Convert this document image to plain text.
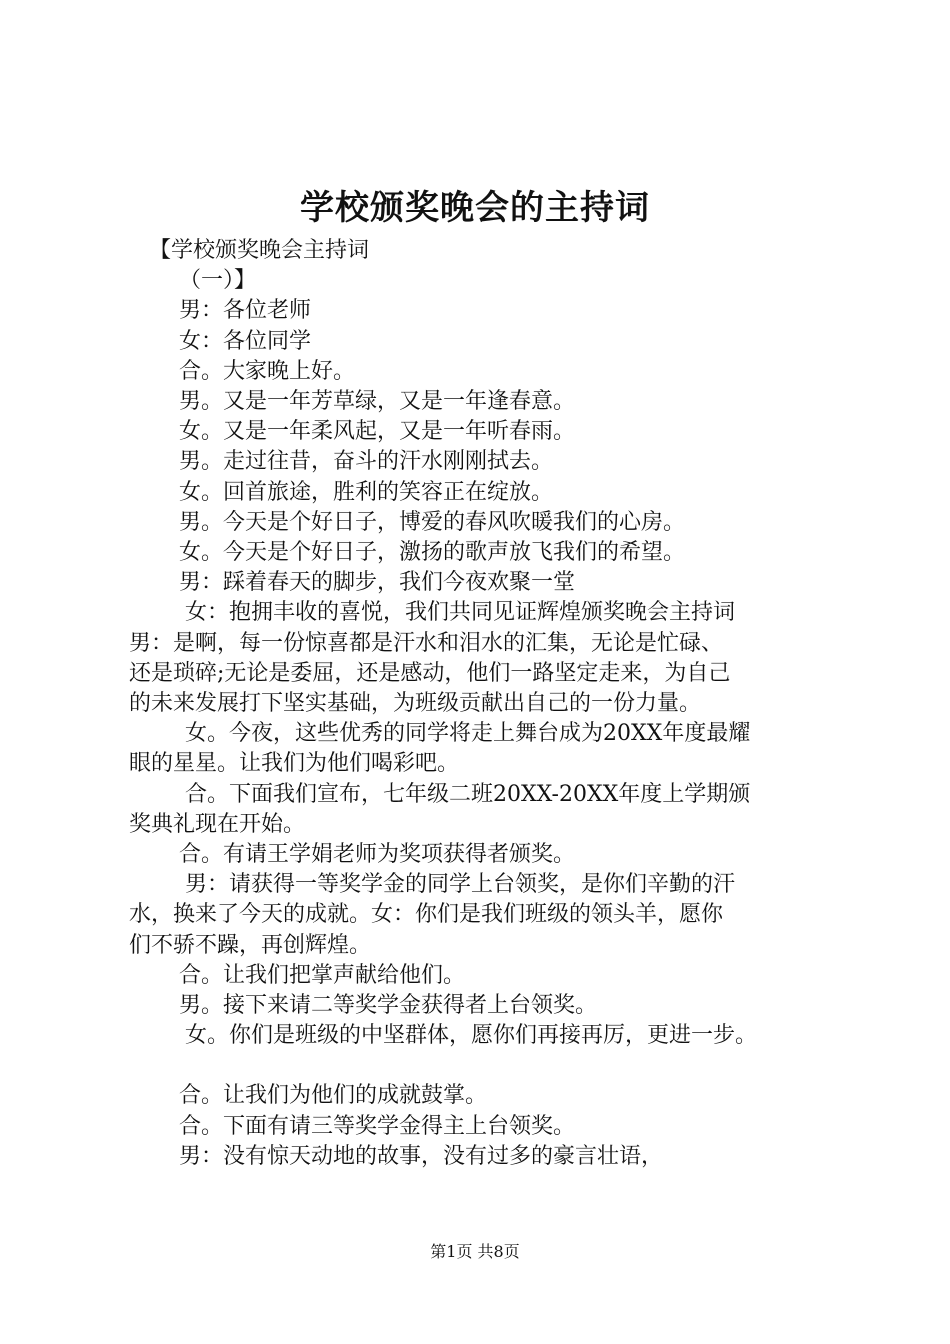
学校颁奖晚会的主持词

【学校颁奖晚会主持词

（一）】

男：各位老师

女：各位同学

合。大家晚上好。

男。又是一年芳草绿，又是一年逢春意。

女。又是一年柔风起，又是一年听春雨。

男。走过往昔，奋斗的汗水刚刚拭去。

女。回首旅途，胜利的笑容正在绽放。

男。今天是个好日子，博爱的春风吹暖我们的心房。

女。今天是个好日子，激扬的歌声放飞我们的希望。

男：踩着春天的脚步，我们今夜欢聚一堂

女：抱拥丰收的喜悦，我们共同见证辉煌颁奖晚会主持词

男：是啊，每一份惊喜都是汗水和泪水的汇集，无论是忙碌、

还是琐碎;无论是委屈，还是感动，他们一路坚定走来，为自己

的未来发展打下坚实基础，为班级贡献出自己的一份力量。

女。今夜，这些优秀的同学将走上舞台成为20XX年度最耀

眼的星星。让我们为他们喝彩吧。

合。下面我们宣布，七年级二班20XX-20XX年度上学期颁

奖典礼现在开始。

合。有请王学娟老师为奖项获得者颁奖。

男：请获得一等奖学金的同学上台领奖，是你们辛勤的汗

水，换来了今天的成就。女：你们是我们班级的领头羊，愿你

们不骄不躁，再创辉煌。

合。让我们把掌声献给他们。

男。接下来请二等奖学金获得者上台领奖。

女。你们是班级的中坚群体，愿你们再接再厉，更进一步。

合。让我们为他们的成就鼓掌。

合。下面有请三等奖学金得主上台领奖。

男：没有惊天动地的故事，没有过多的豪言壮语，

第1页 共8页
